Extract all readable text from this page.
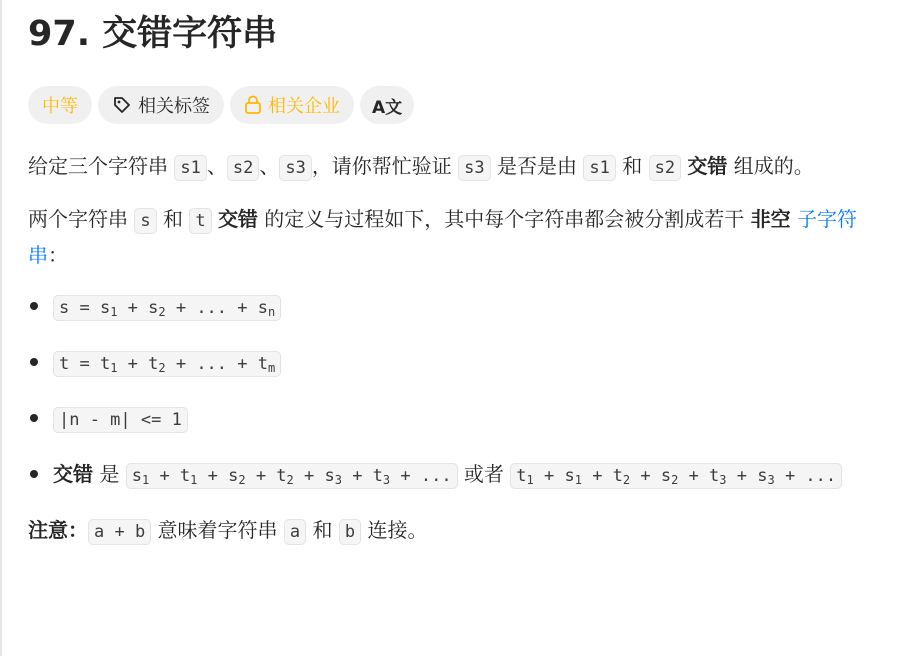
97. 交错字符串
中等	相关标签	相关企业 A文

给定三个字符串 s1 、 s2 、 s3 ，请你帮忙验证 s3 是否是由 s1 和 s2 交错 组成的。

两个字符串 s 和 t 交错 的定义与过程如下，其中每个字符串都会被分割成若干 非空 子字符串：

$s = s_1 + s_2$ + ... + $s_n$
$t = t_1 + t_2$ + ... + $t_m$
|n - m| <= 1
交错 是 $s_1 + t_1 + s_2 + t_2 + s_3 + t_3$ + ... 或者 $t_1 + s_1 + t_2 + s_2 + t_3 + s_3$ + ...

注意： a + b 意味着字符串 a 和 b 连接。
